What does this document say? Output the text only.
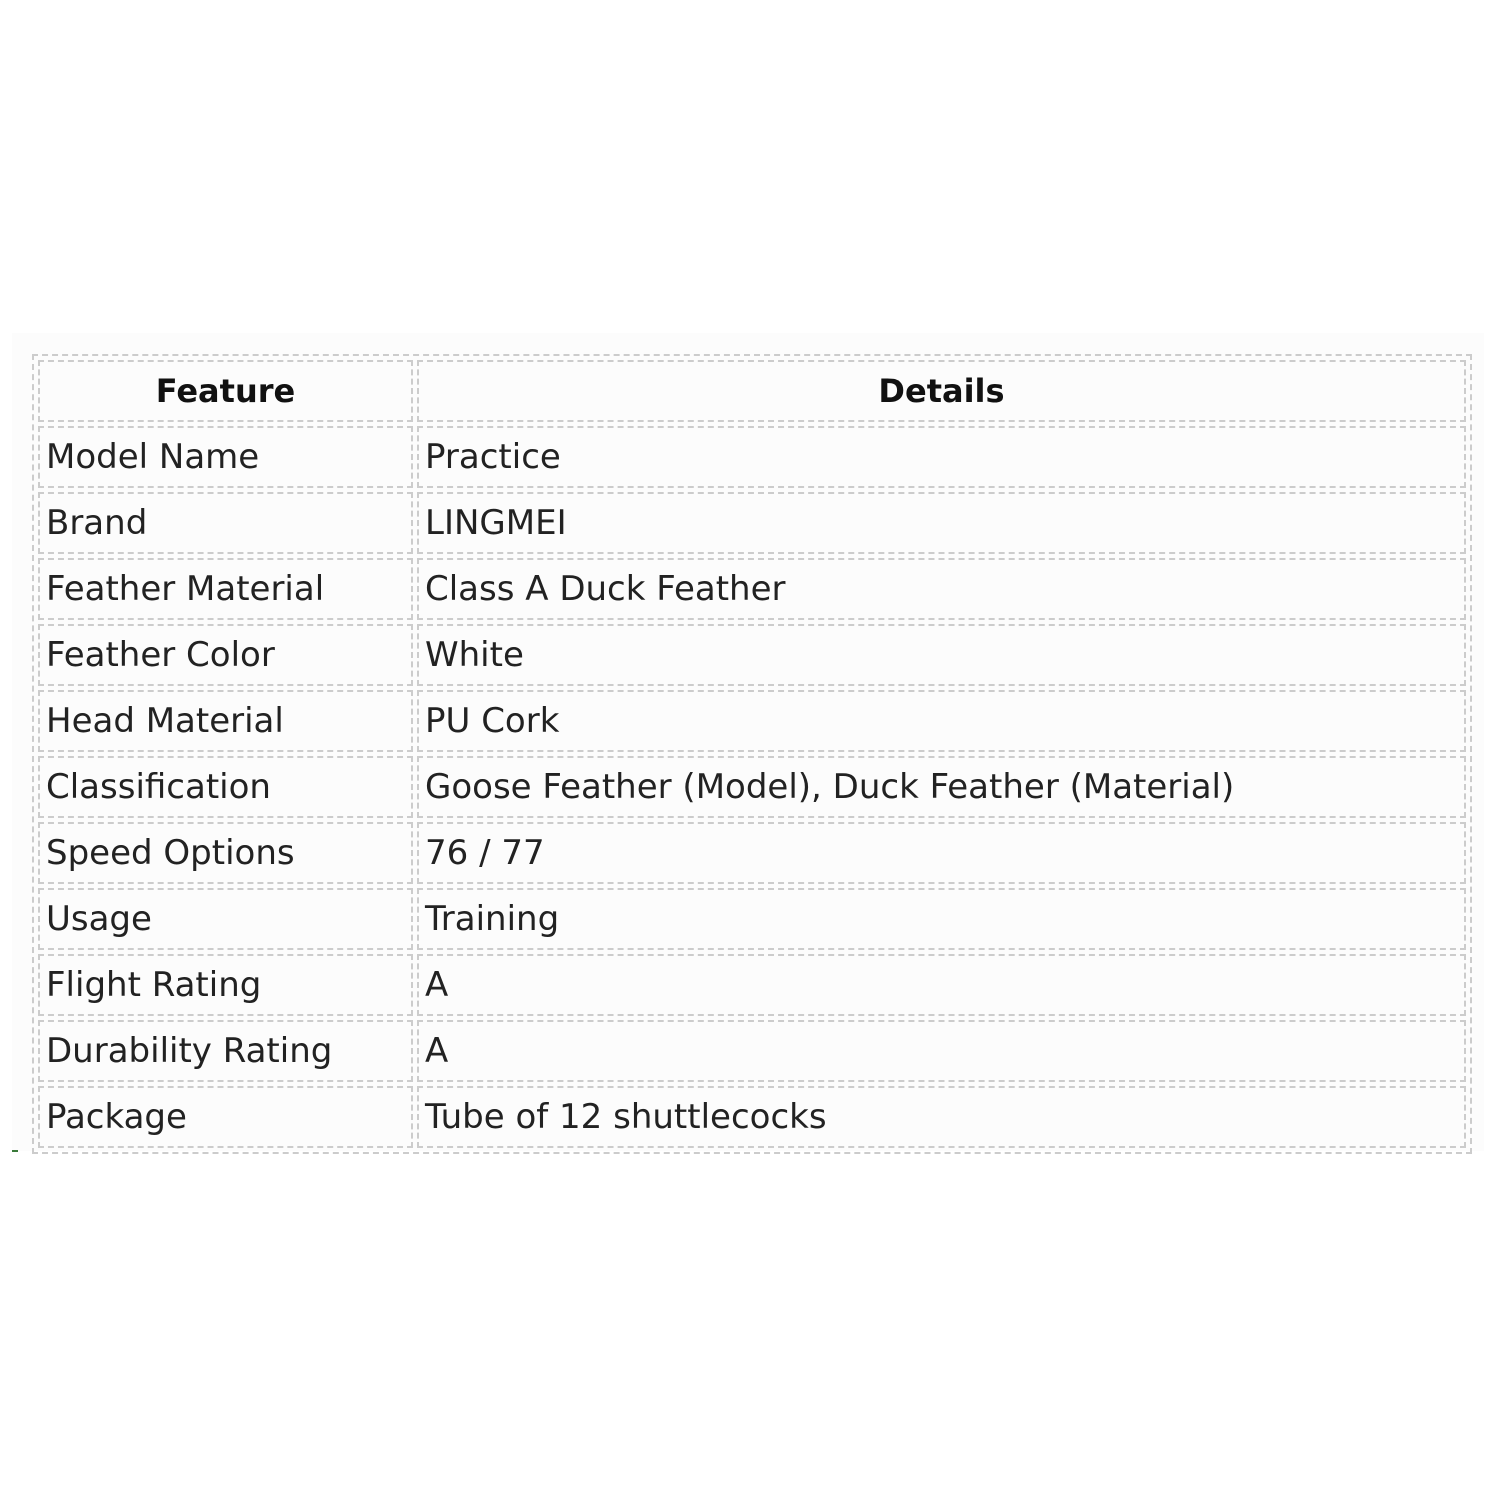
Feature	Details
Model Name	Practice
Brand	LINGMEI
Feather Material	Class A Duck Feather
Feather Color	White
Head Material	PU Cork
Classification	Goose Feather (Model), Duck Feather (Material)
Speed Options	76 / 77
Usage	Training
Flight Rating	A
Durability Rating	A
Package	Tube of 12 shuttlecocks
